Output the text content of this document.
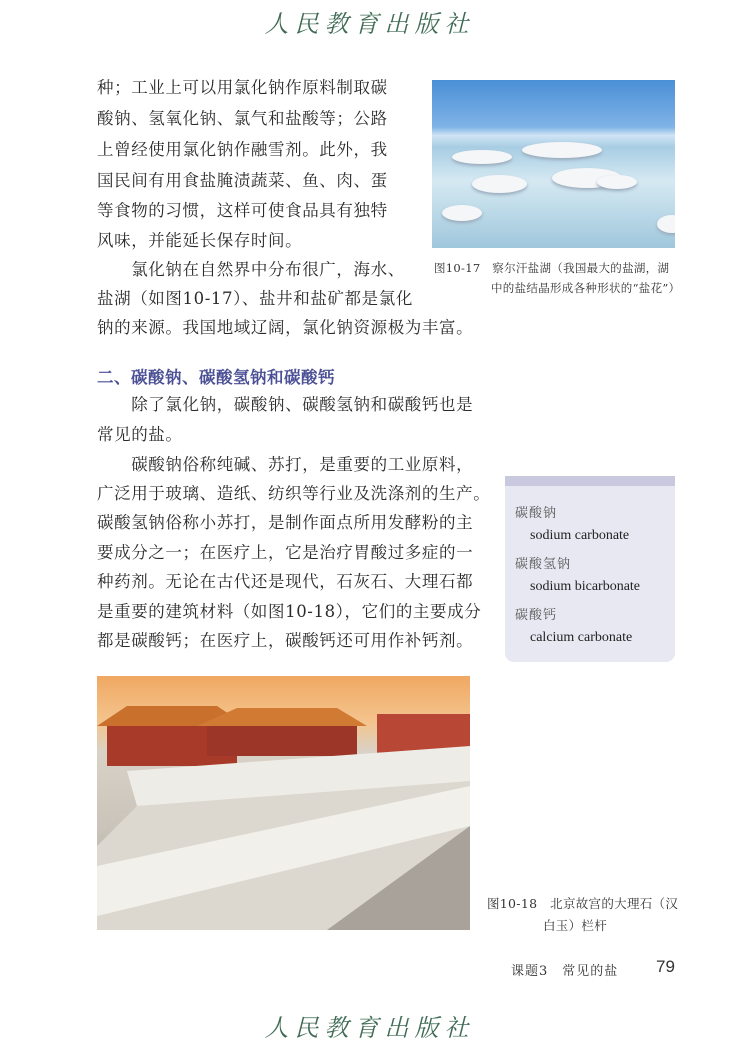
人民教育出版社
种；工业上可以用氯化钠作原料制取碳
酸钠、氢氧化钠、氯气和盐酸等；公路
上曾经使用氯化钠作融雪剂。此外，我
国民间有用食盐腌渍蔬菜、鱼、肉、蛋
等食物的习惯，这样可使食品具有独特
风味，并能延长保存时间。
　　氯化钠在自然界中分布很广，海水、
盐湖（如图10-17）、盐井和盐矿都是氯化
钠的来源。我国地域辽阔，氯化钠资源极为丰富。
图10-17　 察尔汗盐湖（我国最大的盐湖，湖
中的盐结晶形成各种形状的“盐花”）
二、碳酸钠、碳酸氢钠和碳酸钙
　　除了氯化钠，碳酸钠、碳酸氢钠和碳酸钙也是
常见的盐。
　　碳酸钠俗称纯碱、苏打，是重要的工业原料，
广泛用于玻璃、造纸、纺织等行业及洗涤剂的生产。
碳酸氢钠俗称小苏打，是制作面点所用发酵粉的主
要成分之一；在医疗上，它是治疗胃酸过多症的一
种药剂。无论在古代还是现代，石灰石、大理石都
是重要的建筑材料（如图10-18），它们的主要成分
都是碳酸钙；在医疗上，碳酸钙还可用作补钙剂。
碳酸钠
sodium carbonate
碳酸氢钠
sodium bicarbonate
碳酸钙
calcium carbonate
图10-18　 北京故宫的大理石（汉
白玉）栏杆
课题3　常见的盐 79
人民教育出版社
